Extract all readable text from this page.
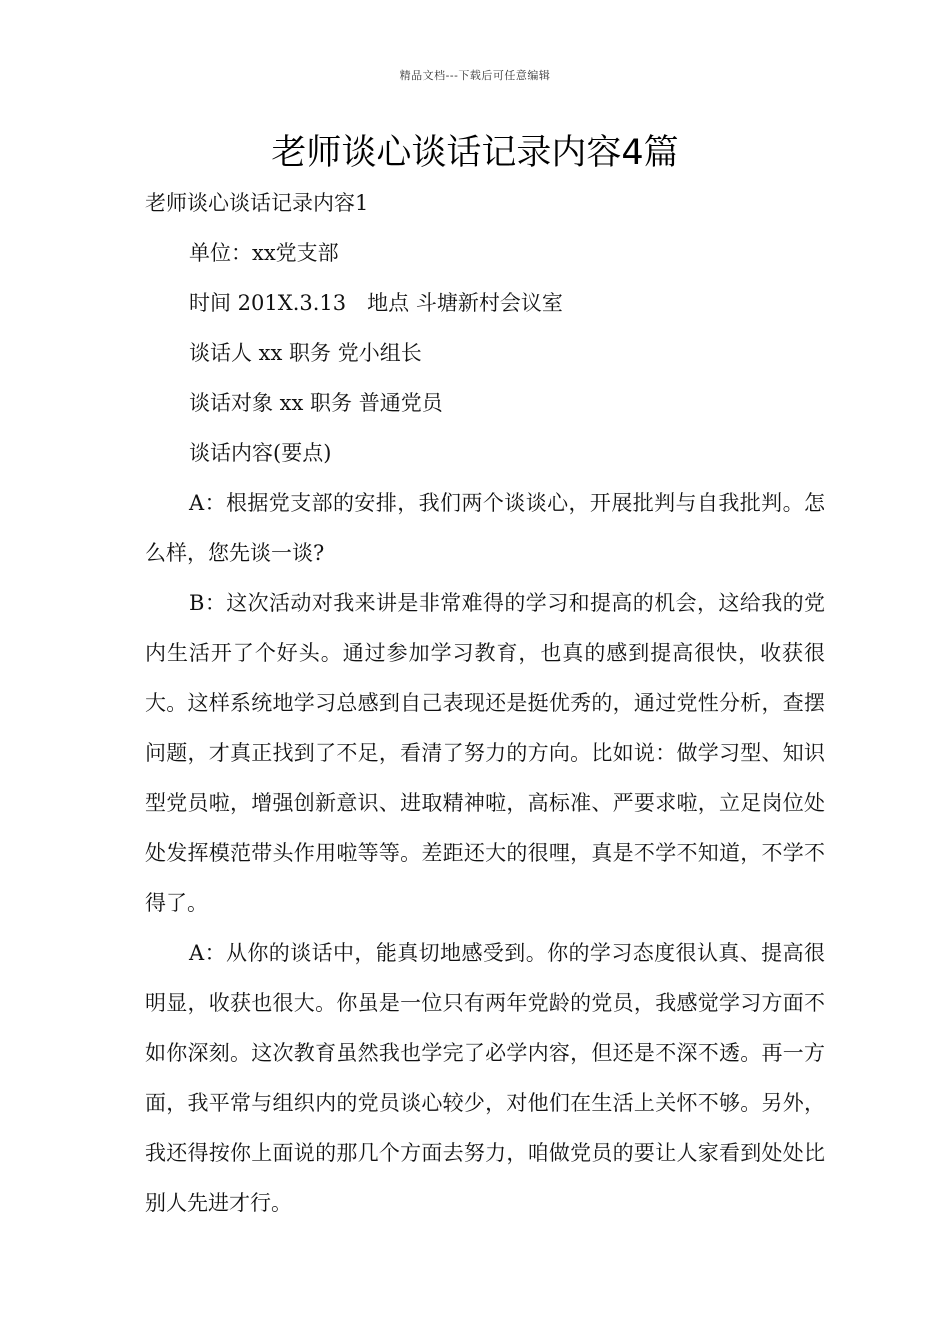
精品文档---下载后可任意编辑
老师谈心谈话记录内容4篇

老师谈心谈话记录内容1

单位：xx党支部

时间 201X.3.13　地点 斗塘新村会议室

谈话人 xx 职务 党小组长

谈话对象 xx 职务 普通党员

谈话内容(要点)

A：根据党支部的安排，我们两个谈谈心，开展批判与自我批判。怎么样，您先谈一谈?

B：这次活动对我来讲是非常难得的学习和提高的机会，这给我的党内生活开了个好头。通过参加学习教育，也真的感到提高很快，收获很大。这样系统地学习总感到自己表现还是挺优秀的，通过党性分析，查摆问题，才真正找到了不足，看清了努力的方向。比如说：做学习型、知识型党员啦，增强创新意识、进取精神啦，高标准、严要求啦，立足岗位处处发挥模范带头作用啦等等。差距还大的很哩，真是不学不知道，不学不得了。

A：从你的谈话中，能真切地感受到。你的学习态度很认真、提高很明显，收获也很大。你虽是一位只有两年党龄的党员，我感觉学习方面不如你深刻。这次教育虽然我也学完了必学内容，但还是不深不透。再一方面，我平常与组织内的党员谈心较少，对他们在生活上关怀不够。另外，我还得按你上面说的那几个方面去努力，咱做党员的要让人家看到处处比别人先进才行。
